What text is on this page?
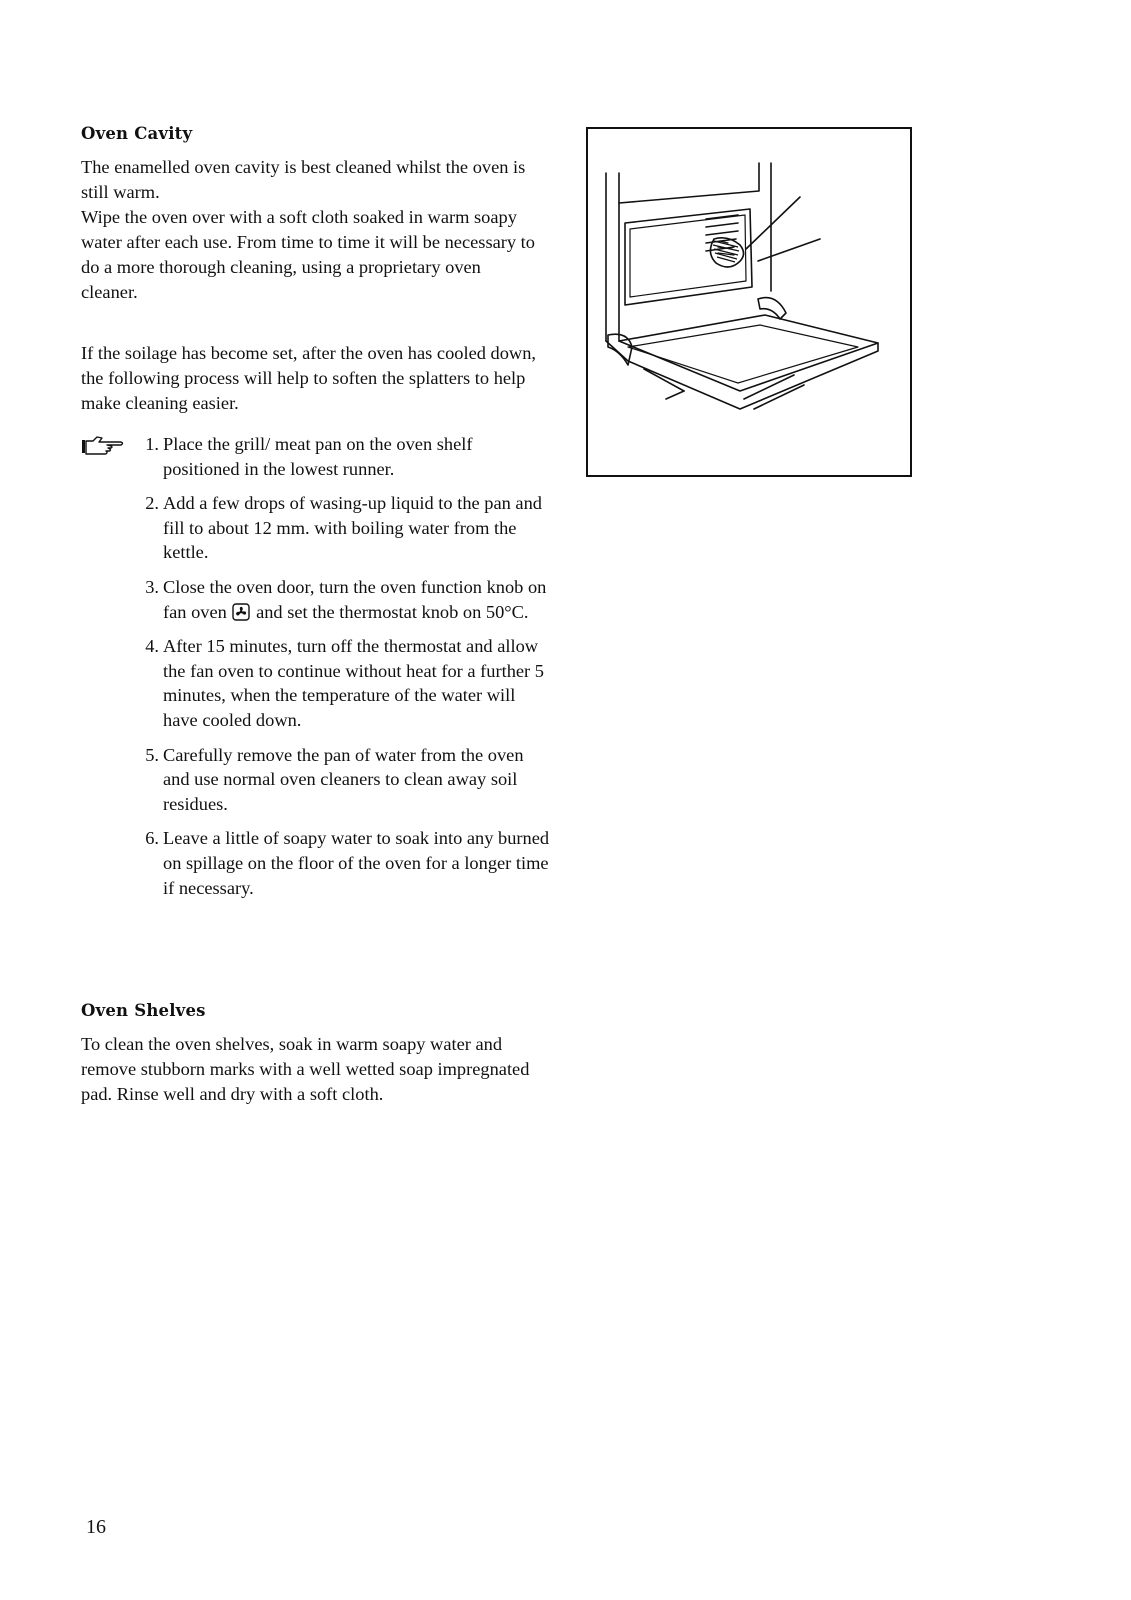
Oven Cavity

The enamelled oven cavity is best cleaned whilst the oven is still warm.

Wipe the oven over with a soft cloth soaked in warm soapy water after each use. From time to time it will be necessary to do a more thorough cleaning, using a proprietary oven cleaner.

If the soilage has become set, after the oven has cooled down, the following process will help to soften the splatters to help make cleaning easier.

1. Place the grill/ meat pan on the oven shelf positioned in the lowest runner.
2. Add a few drops of wasing-up liquid to the pan and fill to about 12 mm. with boiling water from the kettle.
3. Close the oven door, turn the oven function knob on fan oven and set the thermostat knob on 50°C.
4. After 15 minutes, turn off the thermostat and allow the fan oven to continue without heat for a further 5 minutes, when the temperature of the water will have cooled down.
5. Carefully remove the pan of water from the oven and use normal oven cleaners to clean away soil residues.
6. Leave a little of soapy water to soak into any burned on spillage on the floor of the oven for a longer time if necessary.
Oven Shelves

To clean the oven shelves, soak in warm soapy water and remove stubborn marks with a well wetted soap impregnated pad. Rinse well and dry with a soft cloth.

16
